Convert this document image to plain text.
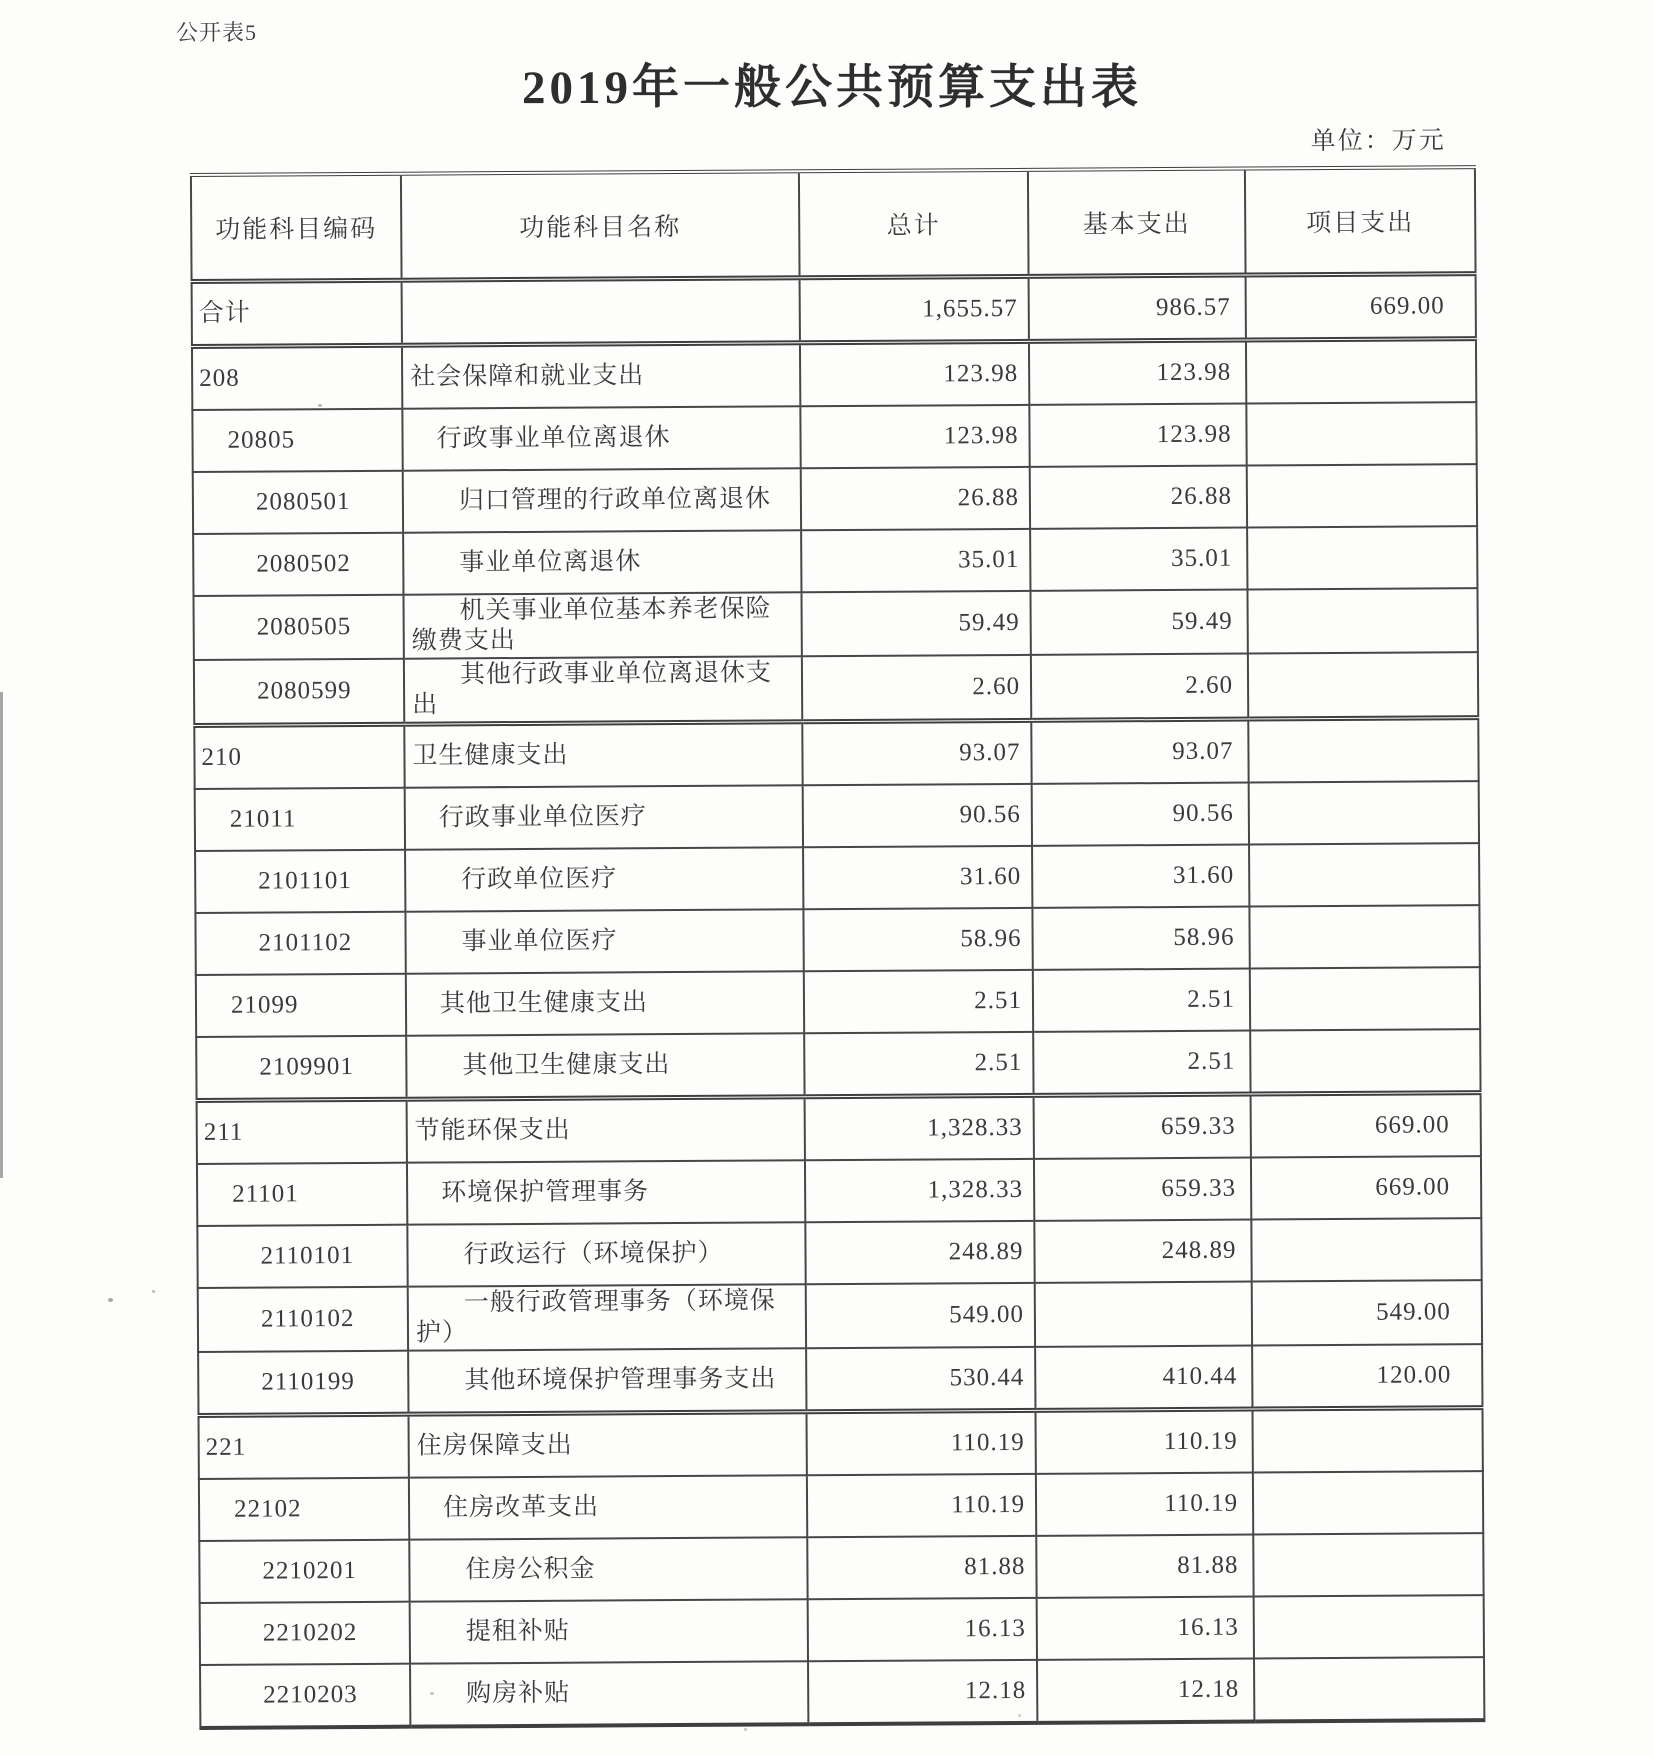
公开表5
2019年一般公共预算支出表
单位：万元
功能科目编码	功能科目名称	总计	基本支出	项目支出
合计		1,655.57	986.57	669.00
208	社会保障和就业支出	123.98	123.98	
20805	行政事业单位离退休	123.98	123.98	
2080501	归口管理的行政单位离退休	26.88	26.88	
2080502	事业单位离退休	35.01	35.01	
2080505	机关事业单位基本养老保险缴费支出	59.49	59.49	
2080599	其他行政事业单位离退休支出	2.60	2.60	
210	卫生健康支出	93.07	93.07	
21011	行政事业单位医疗	90.56	90.56	
2101101	行政单位医疗	31.60	31.60	
2101102	事业单位医疗	58.96	58.96	
21099	其他卫生健康支出	2.51	2.51	
2109901	其他卫生健康支出	2.51	2.51	
211	节能环保支出	1,328.33	659.33	669.00
21101	环境保护管理事务	1,328.33	659.33	669.00
2110101	行政运行（环境保护）	248.89	248.89	
2110102	一般行政管理事务（环境保护）	549.00		549.00
2110199	其他环境保护管理事务支出	530.44	410.44	120.00
221	住房保障支出	110.19	110.19	
22102	住房改革支出	110.19	110.19	
2210201	住房公积金	81.88	81.88	
2210202	提租补贴	16.13	16.13	
2210203	购房补贴	12.18	12.18	
